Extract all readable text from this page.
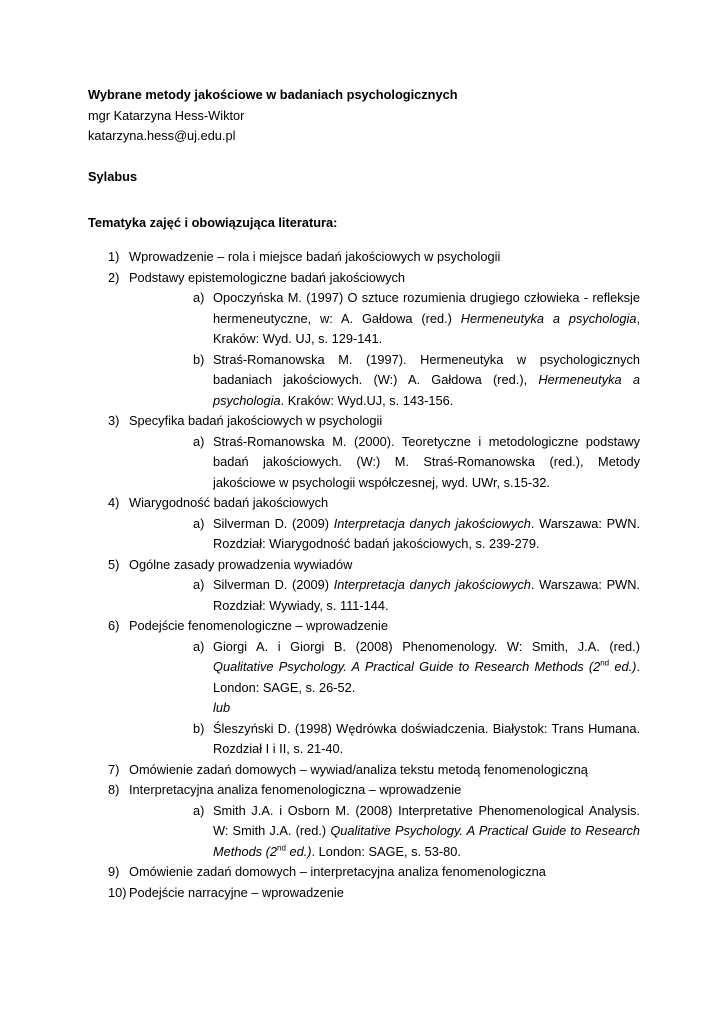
Wybrane metody jakościowe w badaniach psychologicznych
mgr Katarzyna Hess-Wiktor
katarzyna.hess@uj.edu.pl
Sylabus
Tematyka zajęć i obowiązująca literatura:
1) Wprowadzenie – rola i miejsce badań jakościowych w psychologii
2) Podstawy epistemologiczne badań jakościowych
a) Opoczyńska M. (1997) O sztuce rozumienia drugiego człowieka - refleksje hermeneutyczne, w: A. Gałdowa (red.) Hermeneutyka a psychologia, Kraków: Wyd. UJ, s. 129-141.
b) Straś-Romanowska M. (1997). Hermeneutyka w psychologicznych badaniach jakościowych. (W:) A. Gałdowa (red.), Hermeneutyka a psychologia. Kraków: Wyd.UJ, s. 143-156.
3) Specyfika badań jakościowych w psychologii
a) Straś-Romanowska M. (2000). Teoretyczne i metodologiczne podstawy badań jakościowych. (W:) M. Straś-Romanowska (red.), Metody jakościowe w psychologii współczesnej, wyd. UWr, s.15-32.
4) Wiarygodność badań jakościowych
a) Silverman D. (2009) Interpretacja danych jakościowych. Warszawa: PWN. Rozdział: Wiarygodność badań jakościowych, s. 239-279.
5) Ogólne zasady prowadzenia wywiadów
a) Silverman D. (2009) Interpretacja danych jakościowych. Warszawa: PWN. Rozdział: Wywiady, s. 111-144.
6) Podejście fenomenologiczne – wprowadzenie
a) Giorgi A. i Giorgi B. (2008) Phenomenology. W: Smith, J.A. (red.) Qualitative Psychology. A Practical Guide to Research Methods (2nd ed.). London: SAGE, s. 26-52.
lub
b) Śleszyński D. (1998) Wędrówka doświadczenia. Białystok: Trans Humana. Rozdział I i II, s. 21-40.
7) Omówienie zadań domowych – wywiad/analiza tekstu metodą fenomenologiczną
8) Interpretacyjna analiza fenomenologiczna – wprowadzenie
a) Smith J.A. i Osborn M. (2008) Interpretative Phenomenological Analysis. W: Smith J.A. (red.) Qualitative Psychology. A Practical Guide to Research Methods (2nd ed.). London: SAGE, s. 53-80.
9) Omówienie zadań domowych – interpretacyjna analiza fenomenologiczna
10) Podejście narracyjne – wprowadzenie
